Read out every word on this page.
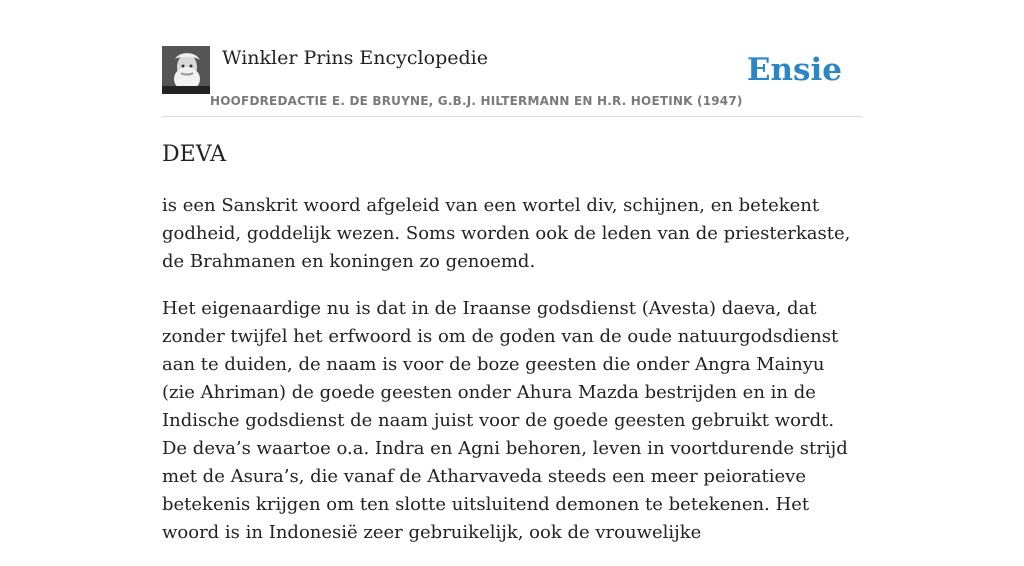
Winkler Prins Encyclopedie
HOOFDREDACTIE E. DE BRUYNE, G.B.J. HILTERMANN EN H.R. HOETINK (1947)
Ensie
DEVA

is een Sanskrit woord afgeleid van een wortel div, schijnen, en betekent godheid, goddelijk wezen. Soms worden ook de leden van de priesterkaste, de Brahmanen en koningen zo genoemd.

Het eigenaardige nu is dat in de Iraanse godsdienst (Avesta) daeva, dat zonder twijfel het erfwoord is om de goden van de oude natuurgodsdienst aan te duiden, de naam is voor de boze geesten die onder Angra Mainyu (zie Ahriman) de goede geesten onder Ahura Mazda bestrijden en in de Indische godsdienst de naam juist voor de goede geesten gebruikt wordt. De deva’s waartoe o.a. Indra en Agni behoren, leven in voortdurende strijd met de Asura’s, die vanaf de Atharvaveda steeds een meer peioratieve betekenis krijgen om ten slotte uitsluitend demonen te betekenen. Het woord is in Indonesië zeer gebruikelijk, ook de vrouwelijke
